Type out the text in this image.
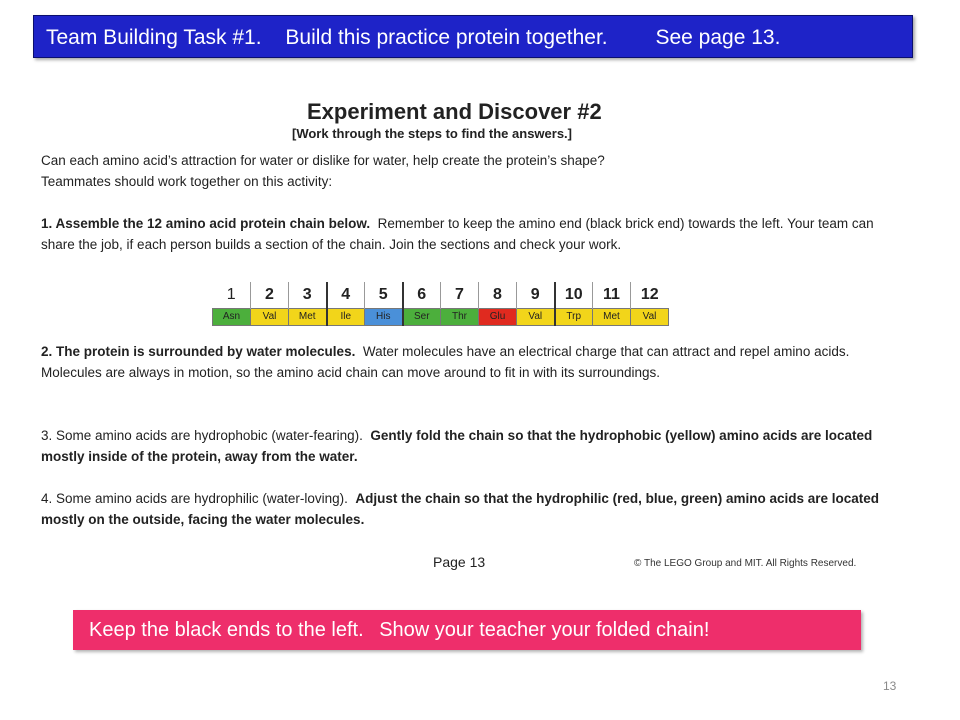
Team Building Task #1. Build this practice protein together. See page 13.
Experiment and Discover #2
[Work through the steps to find the answers.]
Can each amino acid’s attraction for water or dislike for water, help create the protein’s shape?
Teammates should work together on this activity:
1. Assemble the 12 amino acid protein chain below. Remember to keep the amino end (black brick end) towards the left. Your team can share the job, if each person builds a section of the chain. Join the sections and check your work.
1	2	3	4	5	6	7	8	9	10	11	12
Asn	Val	Met	Ile	His	Ser	Thr	Glu	Val	Trp	Met	Val
2. The protein is surrounded by water molecules. Water molecules have an electrical charge that can attract and repel amino acids. Molecules are always in motion, so the amino acid chain can move around to fit in with its surroundings.
3. Some amino acids are hydrophobic (water-fearing). Gently fold the chain so that the hydrophobic (yellow) amino acids are located mostly inside of the protein, away from the water.
4. Some amino acids are hydrophilic (water-loving). Adjust the chain so that the hydrophilic (red, blue, green) amino acids are located mostly on the outside, facing the water molecules.
Page 13	© The LEGO Group and MIT. All Rights Reserved.
Keep the black ends to the left. Show your teacher your folded chain!
13
